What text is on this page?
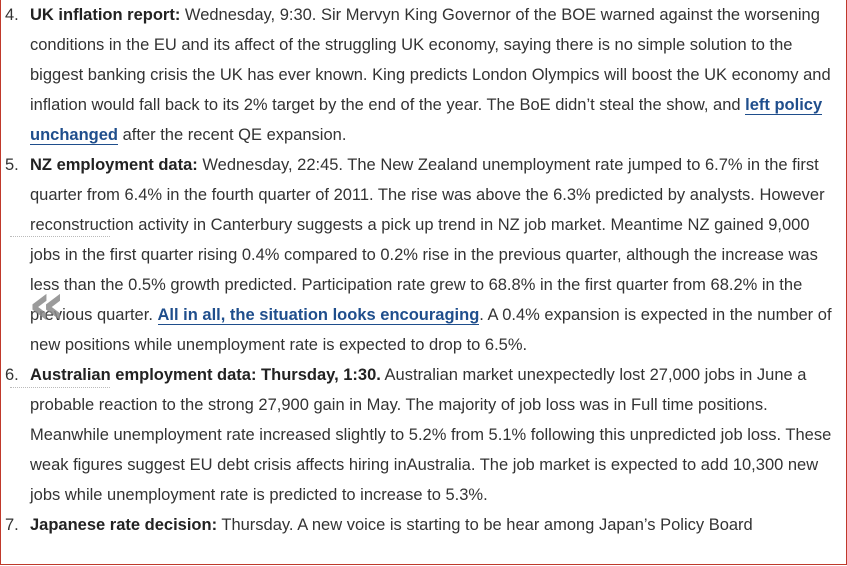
4. UK inflation report: Wednesday, 9:30. Sir Mervyn King Governor of the BOE warned against the worsening conditions in the EU and its affect of the struggling UK economy, saying there is no simple solution to the biggest banking crisis the UK has ever known. King predicts London Olympics will boost the UK economy and inflation would fall back to its 2% target by the end of the year. The BoE didn’t steal the show, and left policy unchanged after the recent QE expansion.
5. NZ employment data: Wednesday, 22:45. The New Zealand unemployment rate jumped to 6.7% in the first quarter from 6.4% in the fourth quarter of 2011. The rise was above the 6.3% predicted by analysts. However reconstruction activity in Canterbury suggests a pick up trend in NZ job market. Meantime NZ gained 9,000 jobs in the first quarter rising 0.4% compared to 0.2% rise in the previous quarter, although the increase was less than the 0.5% growth predicted. Participation rate grew to 68.8% in the first quarter from 68.2% in the previous quarter. All in all, the situation looks encouraging. A 0.4% expansion is expected in the number of new positions while unemployment rate is expected to drop to 6.5%.
6. Australian employment data: Thursday, 1:30. Australian market unexpectedly lost 27,000 jobs in June a probable reaction to the strong 27,900 gain in May. The majority of job loss was in Full time positions. Meanwhile unemployment rate increased slightly to 5.2% from 5.1% following this unpredicted job loss. These weak figures suggest EU debt crisis affects hiring inAustralia. The job market is expected to add 10,300 new jobs while unemployment rate is predicted to increase to 5.3%.
7. Japanese rate decision: Thursday. A new voice is starting to be hear among Japan’s Policy Board
«
